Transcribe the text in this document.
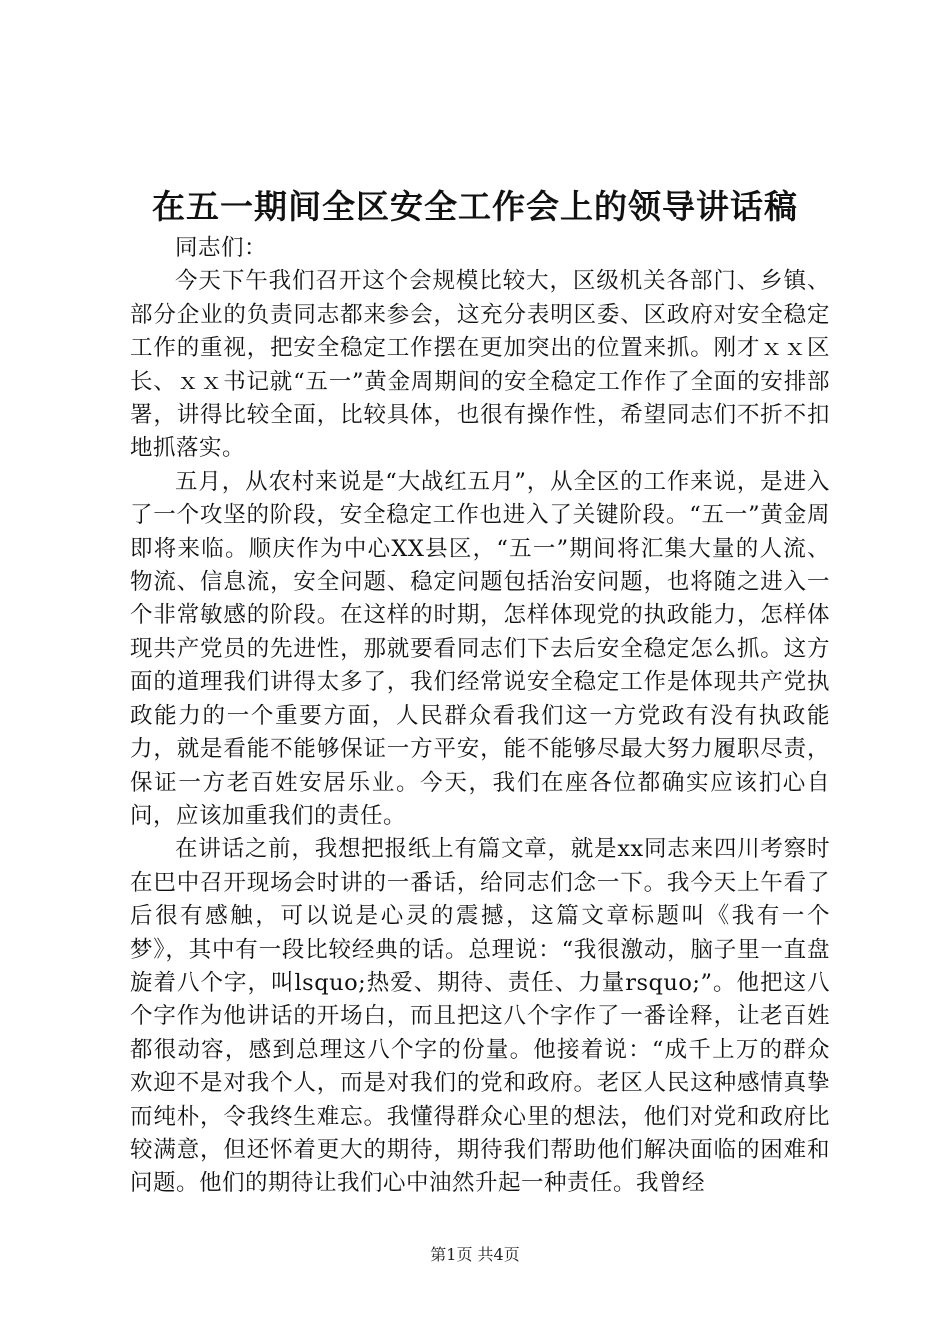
在五一期间全区安全工作会上的领导讲话稿

同志们：

今天下午我们召开这个会规模比较大，区级机关各部门、乡镇、部分企业的负责同志都来参会，这充分表明区委、区政府对安全稳定工作的重视，把安全稳定工作摆在更加突出的位置来抓。刚才ｘｘ区长、ｘｘ书记就“五一”黄金周期间的安全稳定工作作了全面的安排部署，讲得比较全面，比较具体，也很有操作性，希望同志们不折不扣地抓落实。

五月，从农村来说是“大战红五月”，从全区的工作来说，是进入了一个攻坚的阶段，安全稳定工作也进入了关键阶段。“五一”黄金周即将来临。顺庆作为中心XX县区，“五一”期间将汇集大量的人流、物流、信息流，安全问题、稳定问题包括治安问题，也将随之进入一个非常敏感的阶段。在这样的时期，怎样体现党的执政能力，怎样体现共产党员的先进性，那就要看同志们下去后安全稳定怎么抓。这方面的道理我们讲得太多了，我们经常说安全稳定工作是体现共产党执政能力的一个重要方面，人民群众看我们这一方党政有没有执政能力，就是看能不能够保证一方平安，能不能够尽最大努力履职尽责，保证一方老百姓安居乐业。今天，我们在座各位都确实应该扪心自问，应该加重我们的责任。

在讲话之前，我想把报纸上有篇文章，就是xx同志来四川考察时在巴中召开现场会时讲的一番话，给同志们念一下。我今天上午看了后很有感触，可以说是心灵的震撼，这篇文章标题叫《我有一个梦》，其中有一段比较经典的话。总理说：“我很激动，脑子里一直盘旋着八个字，叫lsquo;热爱、期待、责任、力量rsquo;”。他把这八个字作为他讲话的开场白，而且把这八个字作了一番诠释，让老百姓都很动容，感到总理这八个字的份量。他接着说：“成千上万的群众欢迎不是对我个人，而是对我们的党和政府。老区人民这种感情真挚而纯朴，令我终生难忘。我懂得群众心里的想法，他们对党和政府比较满意，但还怀着更大的期待，期待我们帮助他们解决面临的困难和问题。他们的期待让我们心中油然升起一种责任。我曾经

第1页 共4页
